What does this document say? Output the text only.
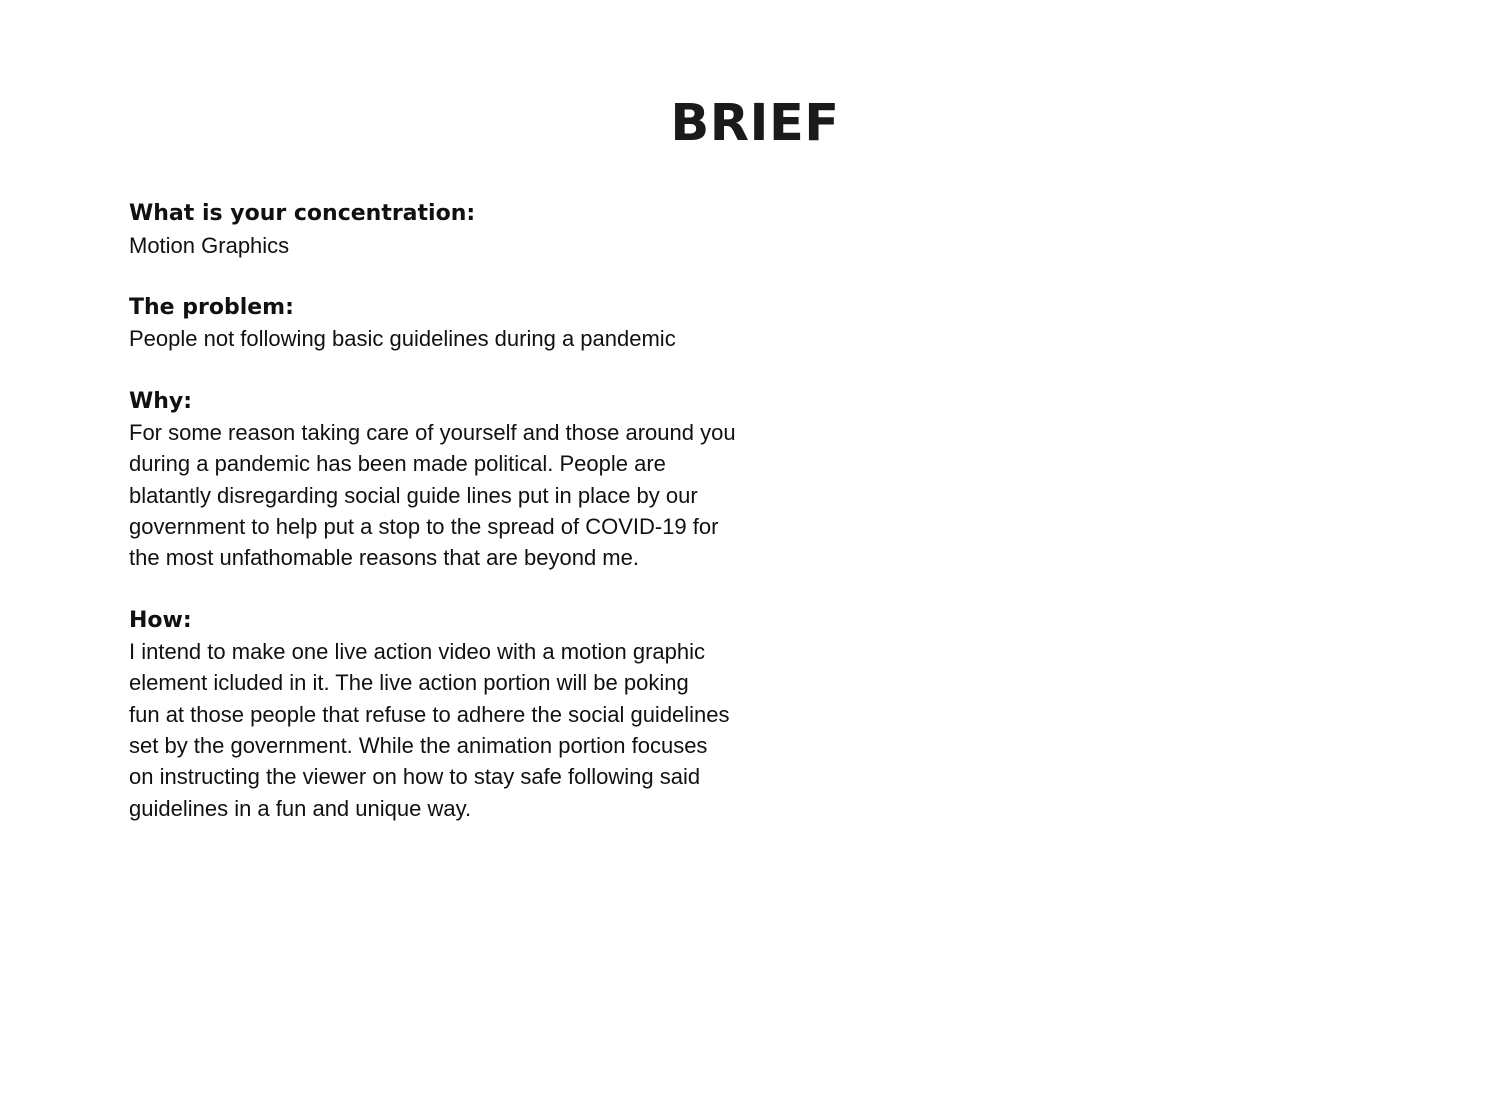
BRIEF

What is your concentration:

Motion Graphics

The problem:

People not following basic guidelines during a pandemic

Why:

For some reason taking care of yourself and those around you
during a pandemic has been made political. People are
blatantly disregarding social guide lines put in place by our
government to help put a stop to the spread of COVID-19 for
the most unfathomable reasons that are beyond me.

How:

I intend to make one live action video with a motion graphic
element icluded in it. The live action portion will be poking
fun at those people that refuse to adhere the social guidelines
set by the government. While the animation portion focuses
on instructing the viewer on how to stay safe following said
guidelines in a fun and unique way.
